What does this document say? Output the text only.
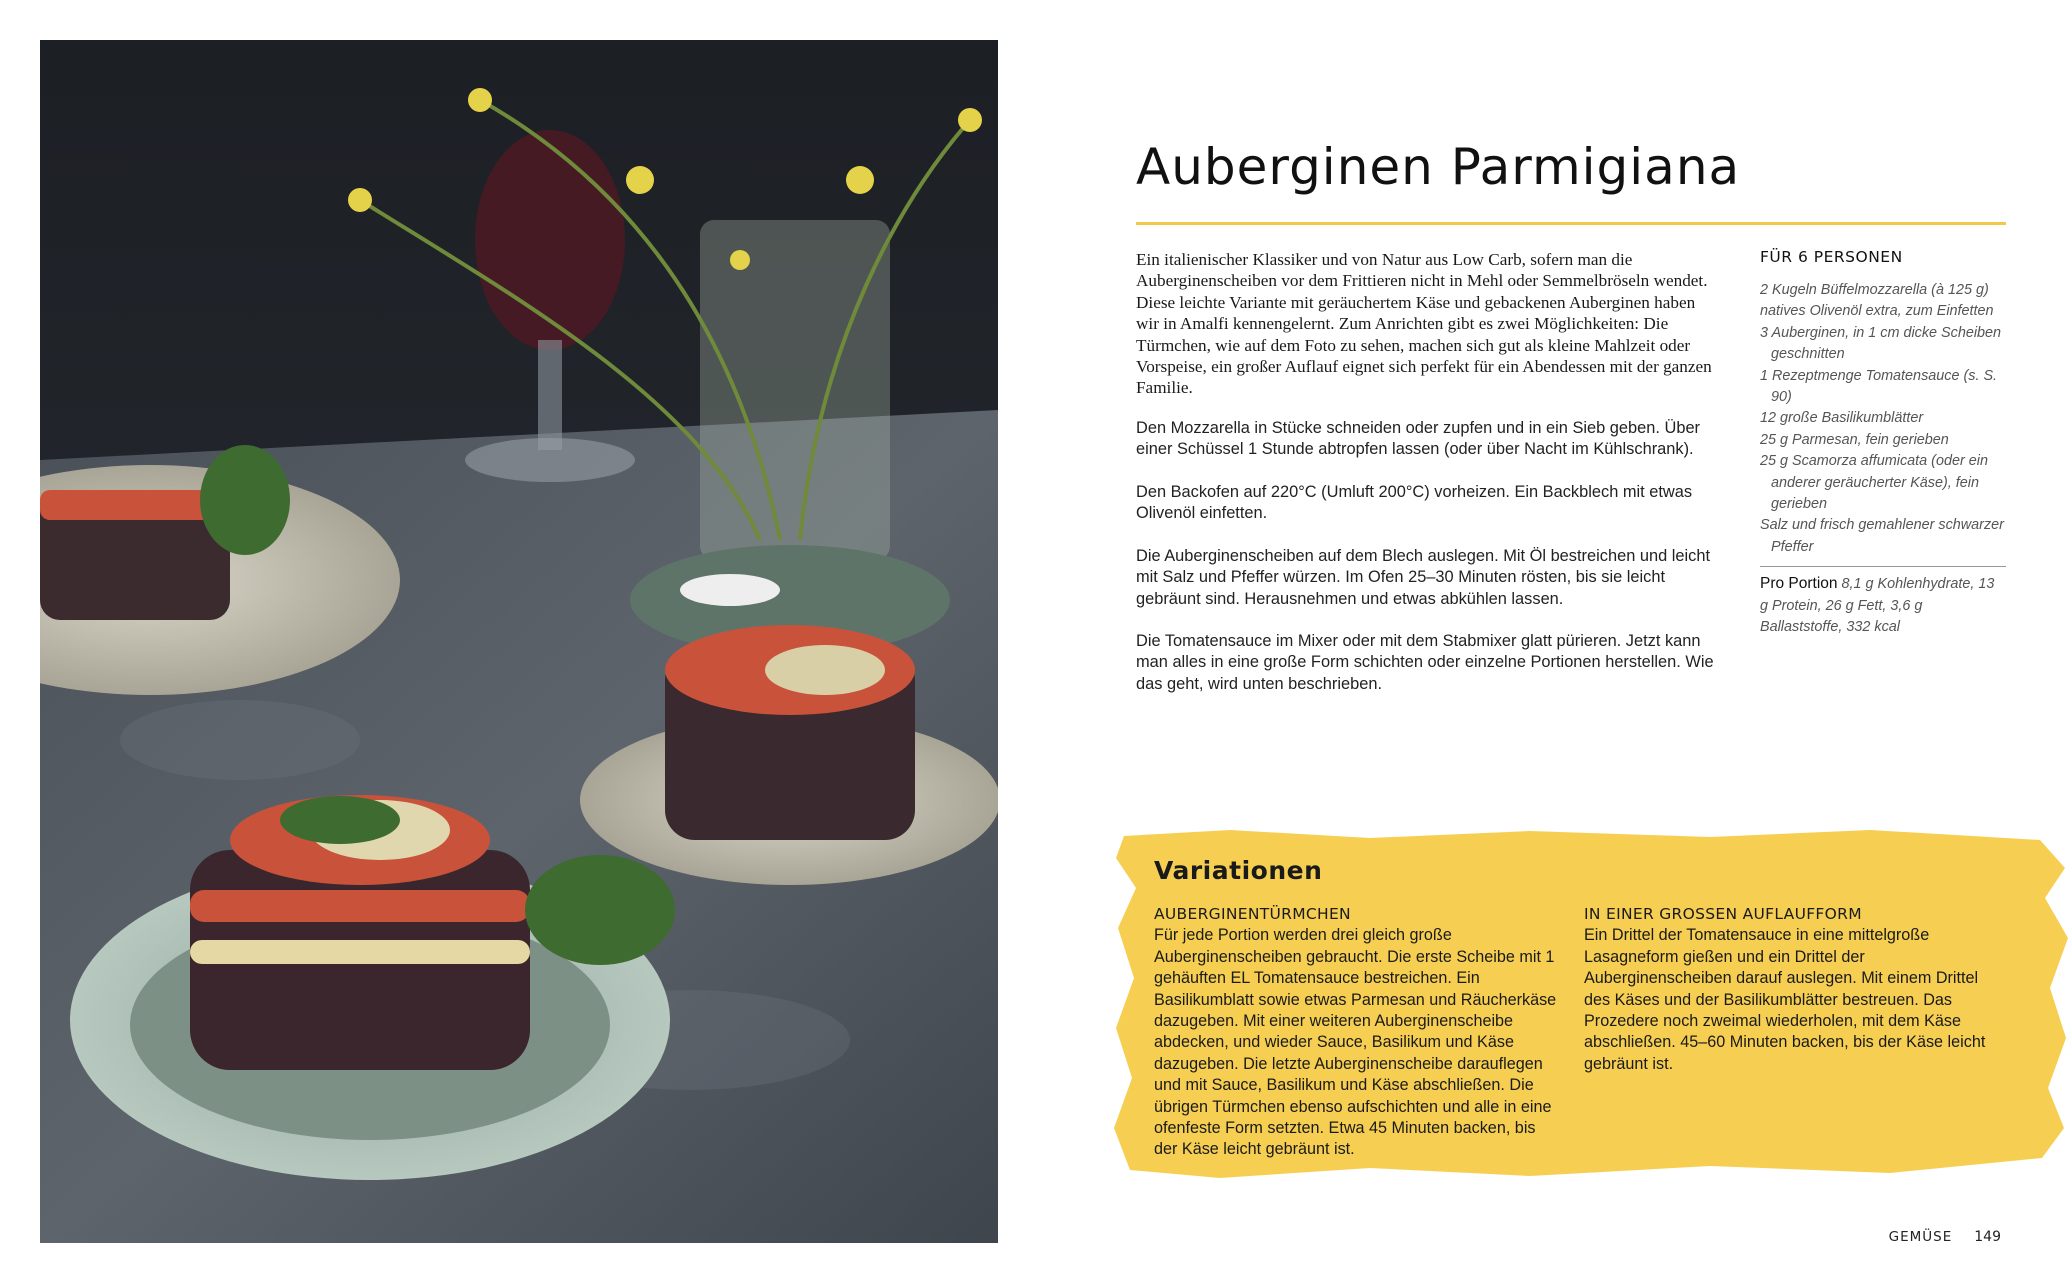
Auberginen Parmigiana

Ein italienischer Klassiker und von Natur aus Low Carb, sofern man die Auberginenscheiben vor dem Frittieren nicht in Mehl oder Semmelbröseln wendet. Diese leichte Variante mit geräuchertem Käse und gebackenen Auberginen haben wir in Amalfi kennengelernt. Zum Anrichten gibt es zwei Möglichkeiten: Die Türmchen, wie auf dem Foto zu sehen, machen sich gut als kleine Mahlzeit oder Vorspeise, ein großer Auflauf eignet sich perfekt für ein Abendessen mit der ganzen Familie.

Den Mozzarella in Stücke schneiden oder zupfen und in ein Sieb geben. Über einer Schüssel 1 Stunde abtropfen lassen (oder über Nacht im Kühlschrank).

Den Backofen auf 220°C (Umluft 200°C) vorheizen. Ein Backblech mit etwas Olivenöl einfetten.

Die Auberginenscheiben auf dem Blech auslegen. Mit Öl bestreichen und leicht mit Salz und Pfeffer würzen. Im Ofen 25–30 Minuten rösten, bis sie leicht gebräunt sind. Herausnehmen und etwas abkühlen lassen.

Die Tomatensauce im Mixer oder mit dem Stabmixer glatt pürieren. Jetzt kann man alles in eine große Form schichten oder einzelne Portionen herstellen. Wie das geht, wird unten beschrieben.

FÜR 6 PERSONEN

2 Kugeln Büffelmozzarella (à 125 g)
natives Olivenöl extra, zum Einfetten
3 Auberginen, in 1 cm dicke Scheiben geschnitten
1 Rezeptmenge Tomatensauce (s. S. 90)
12 große Basilikumblätter
25 g Parmesan, fein gerieben
25 g Scamorza affumicata (oder ein anderer geräucherter Käse), fein gerieben
Salz und frisch gemahlener schwarzer Pfeffer

Pro Portion 8,1 g Kohlenhydrate, 13 g Protein, 26 g Fett, 3,6 g Ballaststoffe, 332 kcal

Variationen

AUBERGINENTÜRMCHEN

Für jede Portion werden drei gleich große Auberginenscheiben gebraucht. Die erste Scheibe mit 1 gehäuften EL Tomatensauce bestreichen. Ein Basilikumblatt sowie etwas Parmesan und Räucherkäse dazugeben. Mit einer weiteren Auberginenscheibe abdecken, und wieder Sauce, Basilikum und Käse dazugeben. Die letzte Auberginenscheibe darauflegen und mit Sauce, Basilikum und Käse abschließen. Die übrigen Türmchen ebenso aufschichten und alle in eine ofenfeste Form setzten. Etwa 45 Minuten backen, bis der Käse leicht gebräunt ist.

IN EINER GROSSEN AUFLAUFFORM

Ein Drittel der Tomatensauce in eine mittelgroße Lasagneform gießen und ein Drittel der Auberginenscheiben darauf auslegen. Mit einem Drittel des Käses und der Basilikumblätter bestreuen. Das Prozedere noch zweimal wiederholen, mit dem Käse abschließen. 45–60 Minuten backen, bis der Käse leicht gebräunt ist.

GEMÜSE 149
